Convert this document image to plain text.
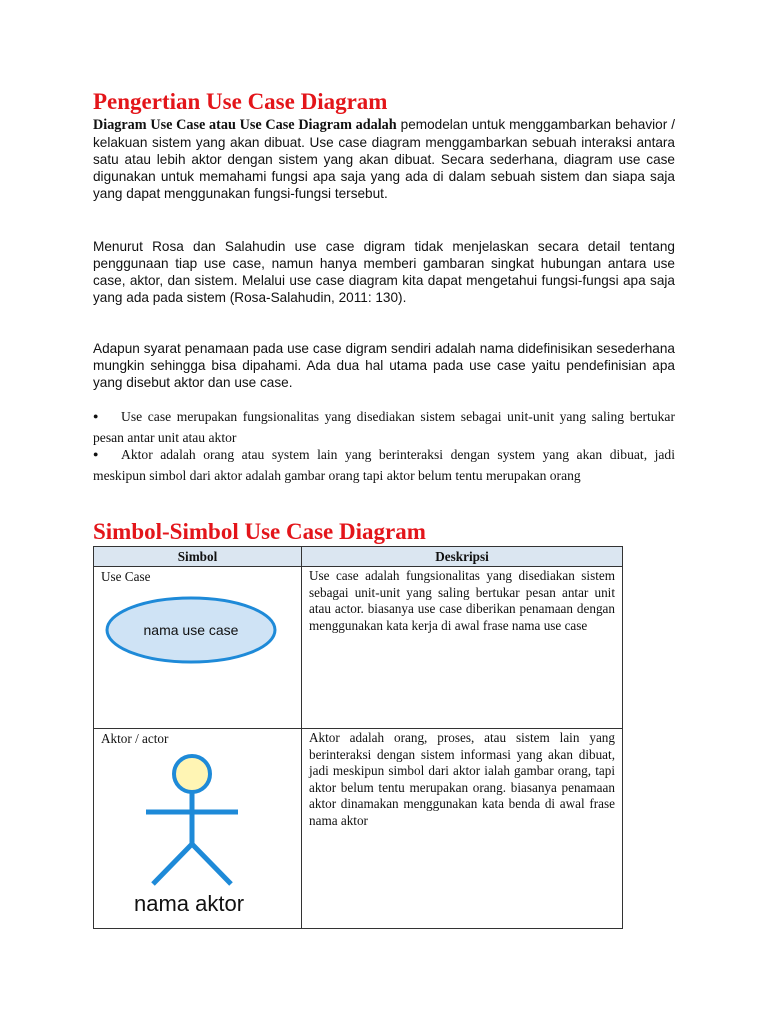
Pengertian Use Case Diagram

Diagram Use Case atau Use Case Diagram adalah pemodelan untuk menggambarkan behavior / kelakuan sistem yang akan dibuat. Use case diagram menggambarkan sebuah interaksi antara satu atau lebih aktor dengan sistem yang akan dibuat. Secara sederhana, diagram use case digunakan untuk memahami fungsi apa saja yang ada di dalam sebuah sistem dan siapa saja yang dapat menggunakan fungsi-fungsi tersebut.

Menurut Rosa dan Salahudin use case digram tidak menjelaskan secara detail tentang penggunaan tiap use case, namun hanya memberi gambaran singkat hubungan antara use case, aktor, dan sistem. Melalui use case diagram kita dapat mengetahui fungsi-fungsi apa saja yang ada pada sistem (Rosa-Salahudin, 2011: 130).

Adapun syarat penamaan pada use case digram sendiri adalah nama didefinisikan sesederhana mungkin sehingga bisa dipahami. Ada dua hal utama pada use case yaitu pendefinisian apa yang disebut aktor dan use case.

● Use case merupakan fungsionalitas yang disediakan sistem sebagai unit-unit yang saling bertukar pesan antar unit atau aktor

● Aktor adalah orang atau system lain yang berinteraksi dengan system yang akan dibuat, jadi meskipun simbol dari aktor adalah gambar orang tapi aktor belum tentu merupakan orang

Simbol-Simbol Use Case Diagram
Simbol	Deskripsi

Use Case
nama use case	Use case adalah fungsionalitas yang disediakan sistem sebagai unit-unit yang saling bertukar pesan antar unit atau actor. biasanya use case diberikan penamaan dengan menggunakan kata kerja di awal frase nama use case

Aktor / actor
nama aktor	Aktor adalah orang, proses, atau sistem lain yang berinteraksi dengan sistem informasi yang akan dibuat, jadi meskipun simbol dari aktor ialah gambar orang, tapi aktor belum tentu merupakan orang. biasanya penamaan aktor dinamakan menggunakan kata benda di awal frase nama aktor
